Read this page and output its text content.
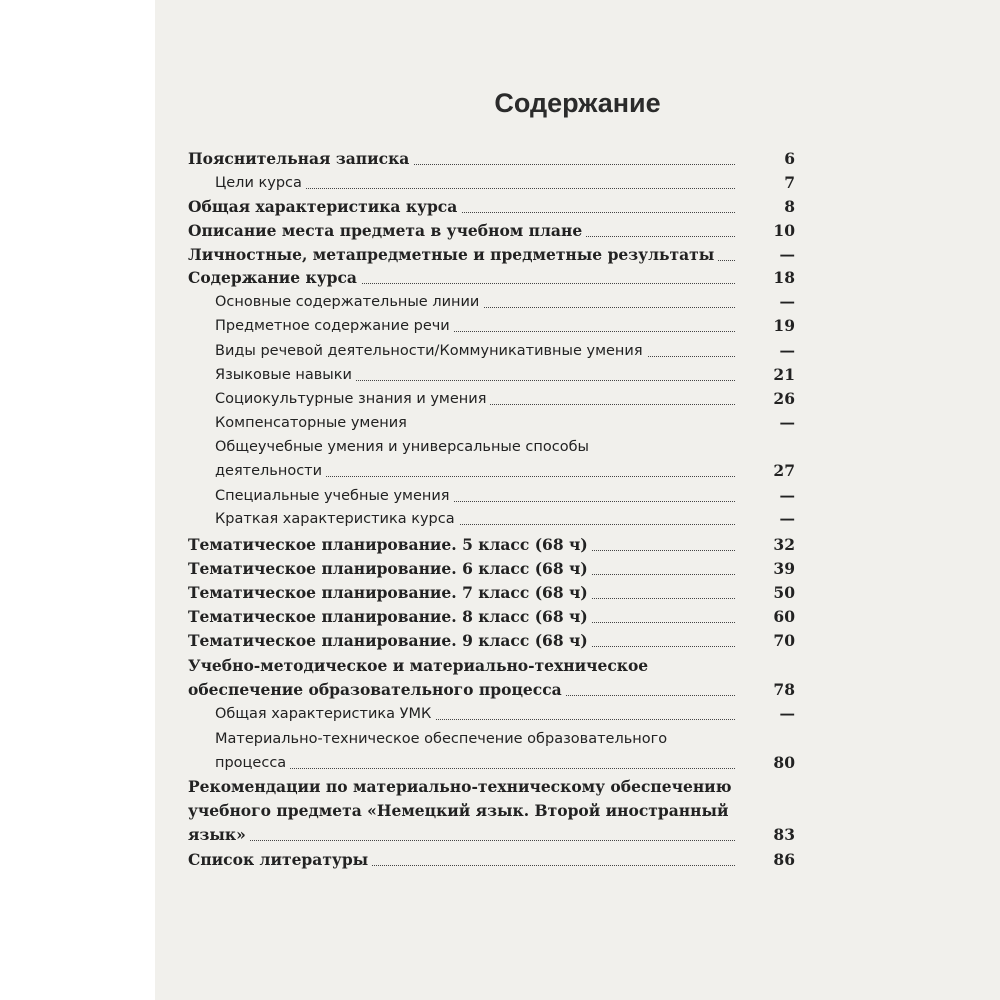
Содержание
Пояснительная записка	6
Цели курса	7
Общая характеристика курса	8
Описание места предмета в учебном плане	10
Личностные, метапредметные и предметные результаты	—
Содержание курса	18
Основные содержательные линии	—
Предметное содержание речи	19
Виды речевой деятельности/Коммуникативные умения	—
Языковые навыки	21
Социокультурные знания и умения	26
Компенсаторные умения	—
Общеучебные умения и универсальные способы
деятельности	27
Специальные учебные умения	—
Краткая характеристика курса	—
Тематическое планирование. 5 класс (68 ч)	32
Тематическое планирование. 6 класс (68 ч)	39
Тематическое планирование. 7 класс (68 ч)	50
Тематическое планирование. 8 класс (68 ч)	60
Тематическое планирование. 9 класс (68 ч)	70
Учебно-методическое и материально-техническое
обеспечение образовательного процесса	78
Общая характеристика УМК	—
Материально-техническое обеспечение образовательного
процесса	80
Рекомендации по материально-техническому обеспечению
учебного предмета «Немецкий язык. Второй иностранный
язык»	83
Список литературы	86
